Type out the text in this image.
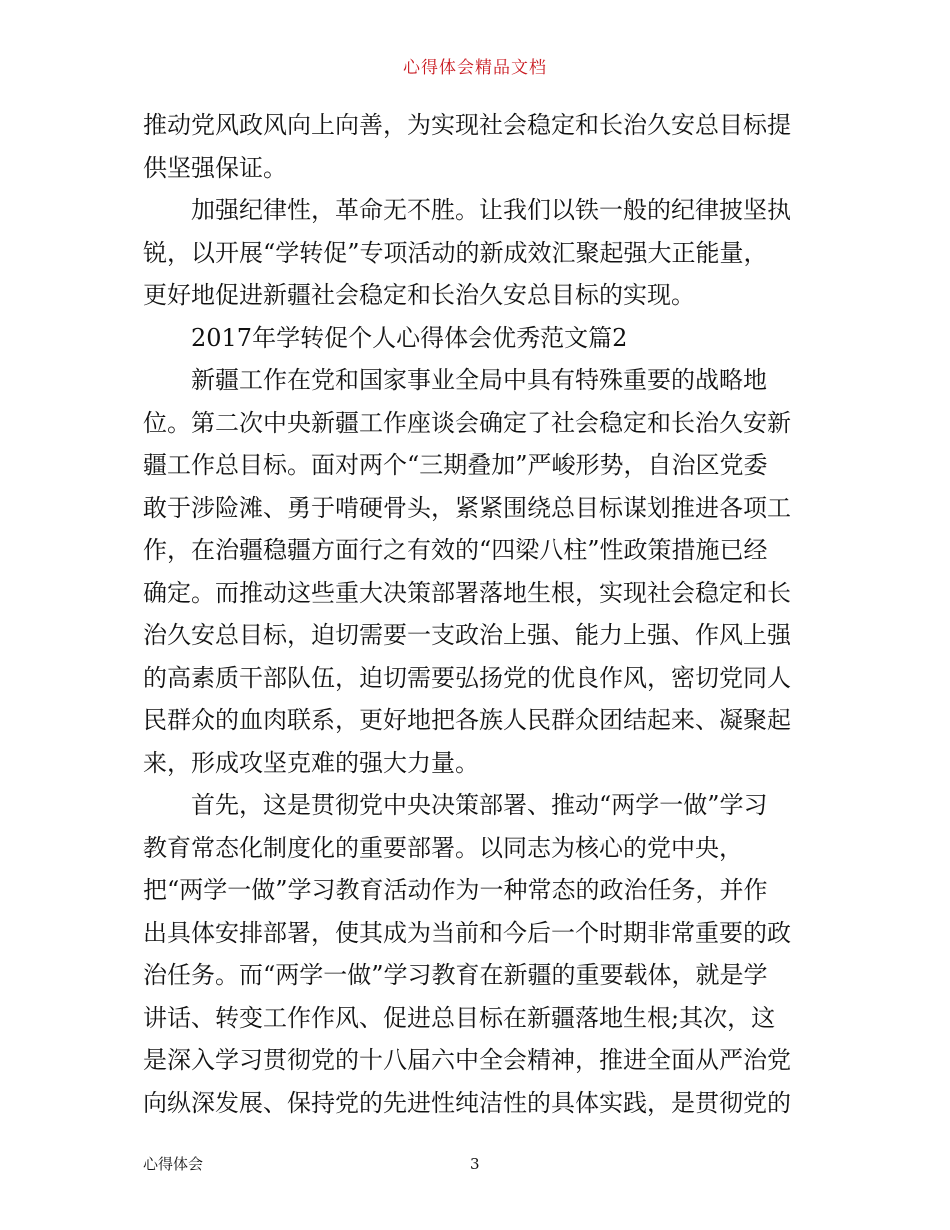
心得体会精品文档
推动党风政风向上向善，为实现社会稳定和长治久安总目标提
供坚强保证。
加强纪律性，革命无不胜。让我们以铁一般的纪律披坚执
锐，以开展“学转促”专项活动的新成效汇聚起强大正能量，
更好地促进新疆社会稳定和长治久安总目标的实现。
2017年学转促个人心得体会优秀范文篇2
新疆工作在党和国家事业全局中具有特殊重要的战略地
位。第二次中央新疆工作座谈会确定了社会稳定和长治久安新
疆工作总目标。面对两个“三期叠加”严峻形势，自治区党委
敢于涉险滩、勇于啃硬骨头，紧紧围绕总目标谋划推进各项工
作，在治疆稳疆方面行之有效的“四梁八柱”性政策措施已经
确定。而推动这些重大决策部署落地生根，实现社会稳定和长
治久安总目标，迫切需要一支政治上强、能力上强、作风上强
的高素质干部队伍，迫切需要弘扬党的优良作风，密切党同人
民群众的血肉联系，更好地把各族人民群众团结起来、凝聚起
来，形成攻坚克难的强大力量。
首先，这是贯彻党中央决策部署、推动“两学一做”学习
教育常态化制度化的重要部署。以同志为核心的党中央，
把“两学一做”学习教育活动作为一种常态的政治任务，并作
出具体安排部署，使其成为当前和今后一个时期非常重要的政
治任务。而“两学一做”学习教育在新疆的重要载体，就是学
讲话、转变工作作风、促进总目标在新疆落地生根;其次，这
是深入学习贯彻党的十八届六中全会精神，推进全面从严治党
向纵深发展、保持党的先进性纯洁性的具体实践，是贯彻党的
心得体会	3
